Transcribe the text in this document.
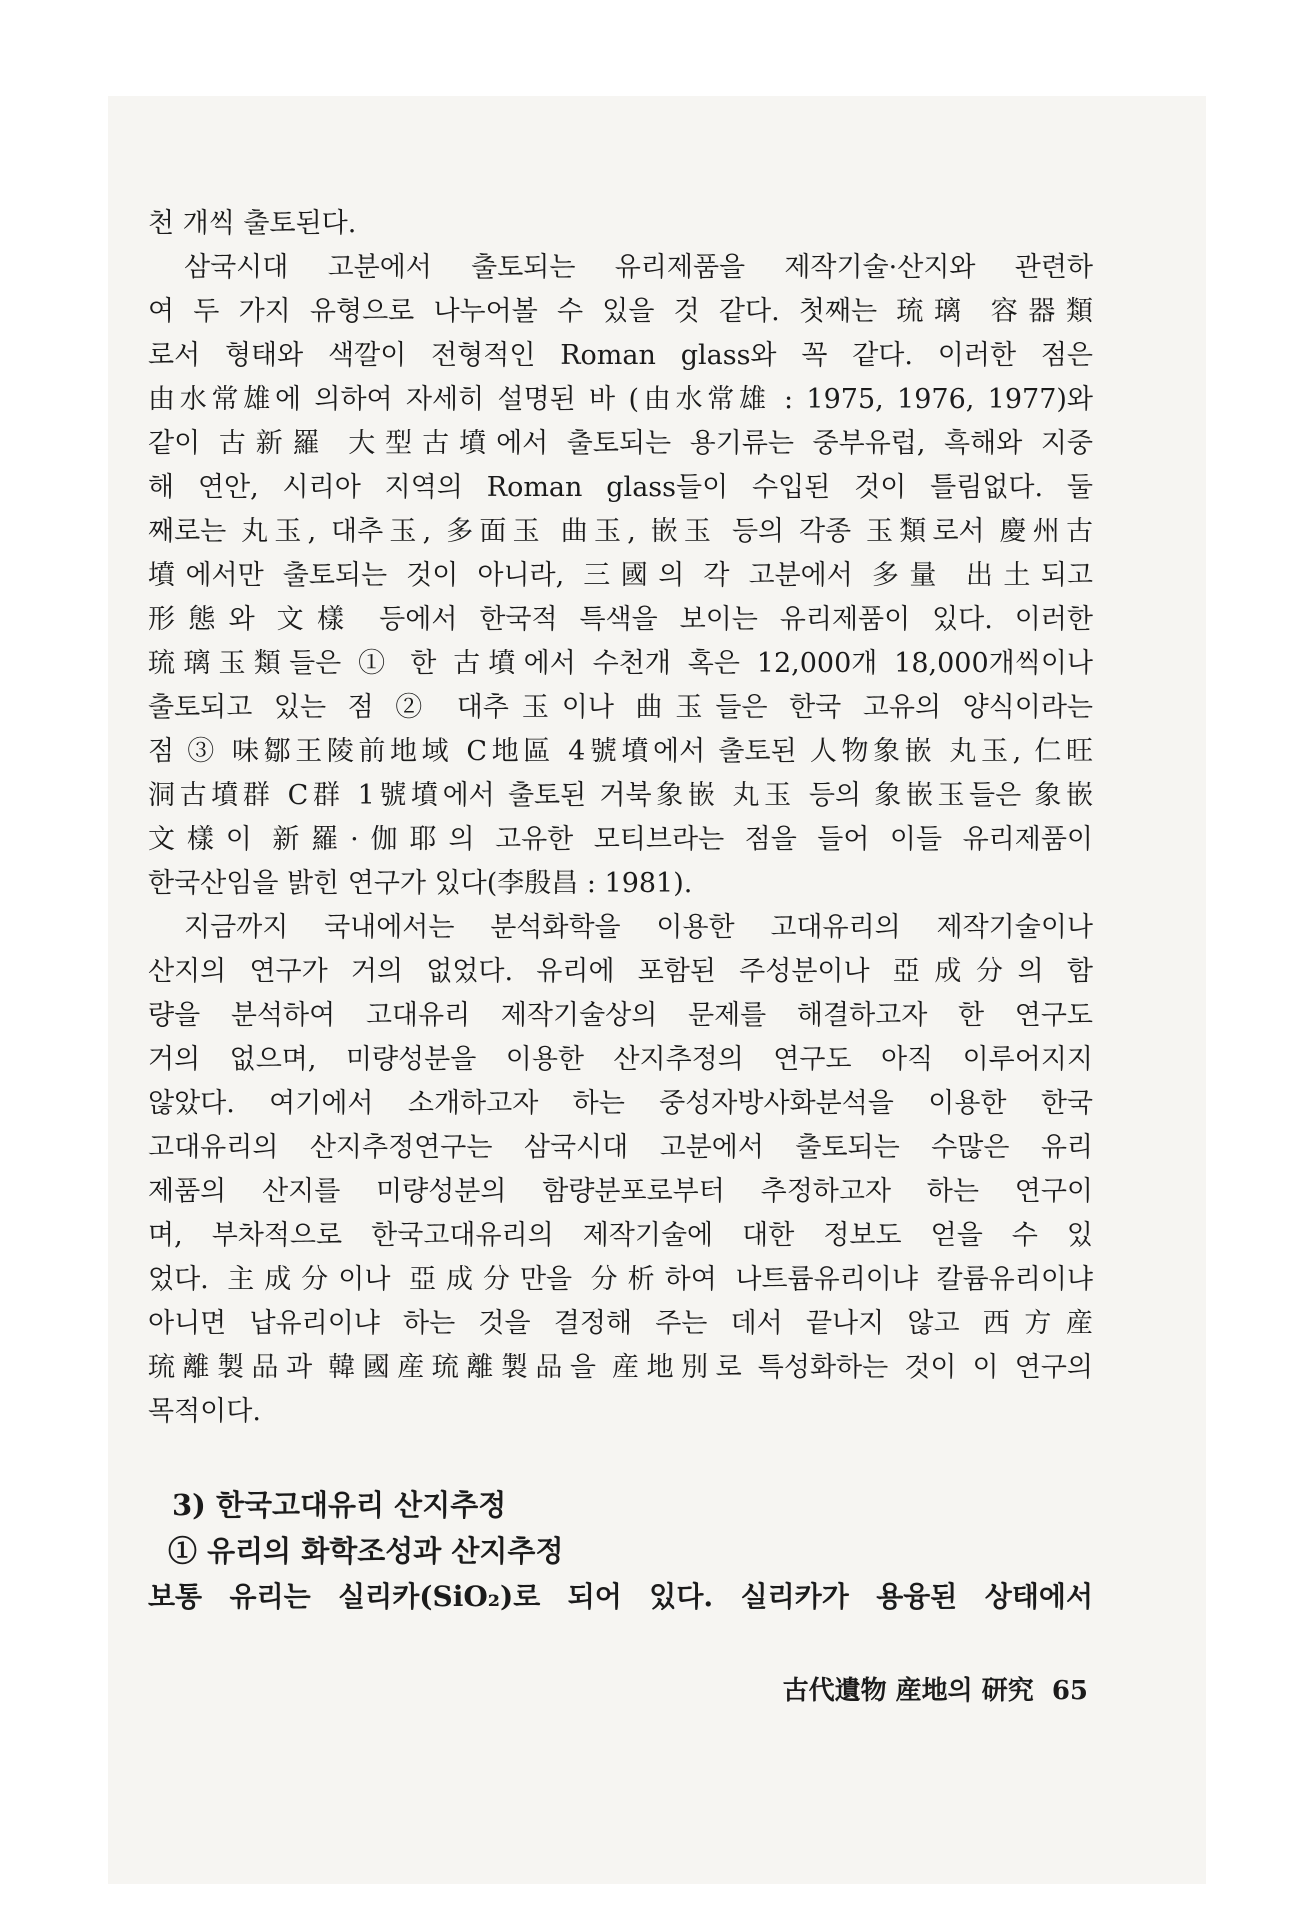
천 개씩 출토된다.
삼국시대 고분에서 출토되는 유리제품을 제작기술·산지와 관련하
여 두 가지 유형으로 나누어볼 수 있을 것 같다. 첫째는 琉璃 容器類
로서 형태와 색깔이 전형적인 Roman glass와 꼭 같다. 이러한 점은
由水常雄에 의하여 자세히 설명된 바 (由水常雄 : 1975, 1976, 1977)와
같이 古新羅 大型古墳에서 출토되는 용기류는 중부유럽, 흑해와 지중
해 연안, 시리아 지역의 Roman glass들이 수입된 것이 틀림없다. 둘
째로는 丸玉, 대추玉, 多面玉 曲玉, 嵌玉 등의 각종 玉類로서 慶州古
墳에서만 출토되는 것이 아니라, 三國의 각 고분에서 多量 出土되고
形態와 文樣 등에서 한국적 특색을 보이는 유리제품이 있다. 이러한
琉璃玉類들은 ① 한 古墳에서 수천개 혹은 12,000개 18,000개씩이나
출토되고 있는 점 ② 대추玉이나 曲玉들은 한국 고유의 양식이라는
점 ③ 味鄒王陵前地域 C地區 4號墳에서 출토된 人物象嵌 丸玉, 仁旺
洞古墳群 C群 1號墳에서 출토된 거북象嵌 丸玉 등의 象嵌玉들은 象嵌
文樣이 新羅·伽耶의 고유한 모티브라는 점을 들어 이들 유리제품이
한국산임을 밝힌 연구가 있다(李殷昌 : 1981).
지금까지 국내에서는 분석화학을 이용한 고대유리의 제작기술이나
산지의 연구가 거의 없었다. 유리에 포함된 주성분이나 亞成分의 함
량을 분석하여 고대유리 제작기술상의 문제를 해결하고자 한 연구도
거의 없으며, 미량성분을 이용한 산지추정의 연구도 아직 이루어지지
않았다. 여기에서 소개하고자 하는 중성자방사화분석을 이용한 한국
고대유리의 산지추정연구는 삼국시대 고분에서 출토되는 수많은 유리
제품의 산지를 미량성분의 함량분포로부터 추정하고자 하는 연구이
며, 부차적으로 한국고대유리의 제작기술에 대한 정보도 얻을 수 있
었다. 主成分이나 亞成分만을 分析하여 나트륨유리이냐 칼륨유리이냐
아니면 납유리이냐 하는 것을 결정해 주는 데서 끝나지 않고 西方産
琉離製品과 韓國産琉離製品을 産地別로 특성화하는 것이 이 연구의
목적이다.
3) 한국고대유리 산지추정
① 유리의 화학조성과 산지추정
보통 유리는 실리카(SiO₂)로 되어 있다. 실리카가 용융된 상태에서
古代遺物 産地의 研究 65
